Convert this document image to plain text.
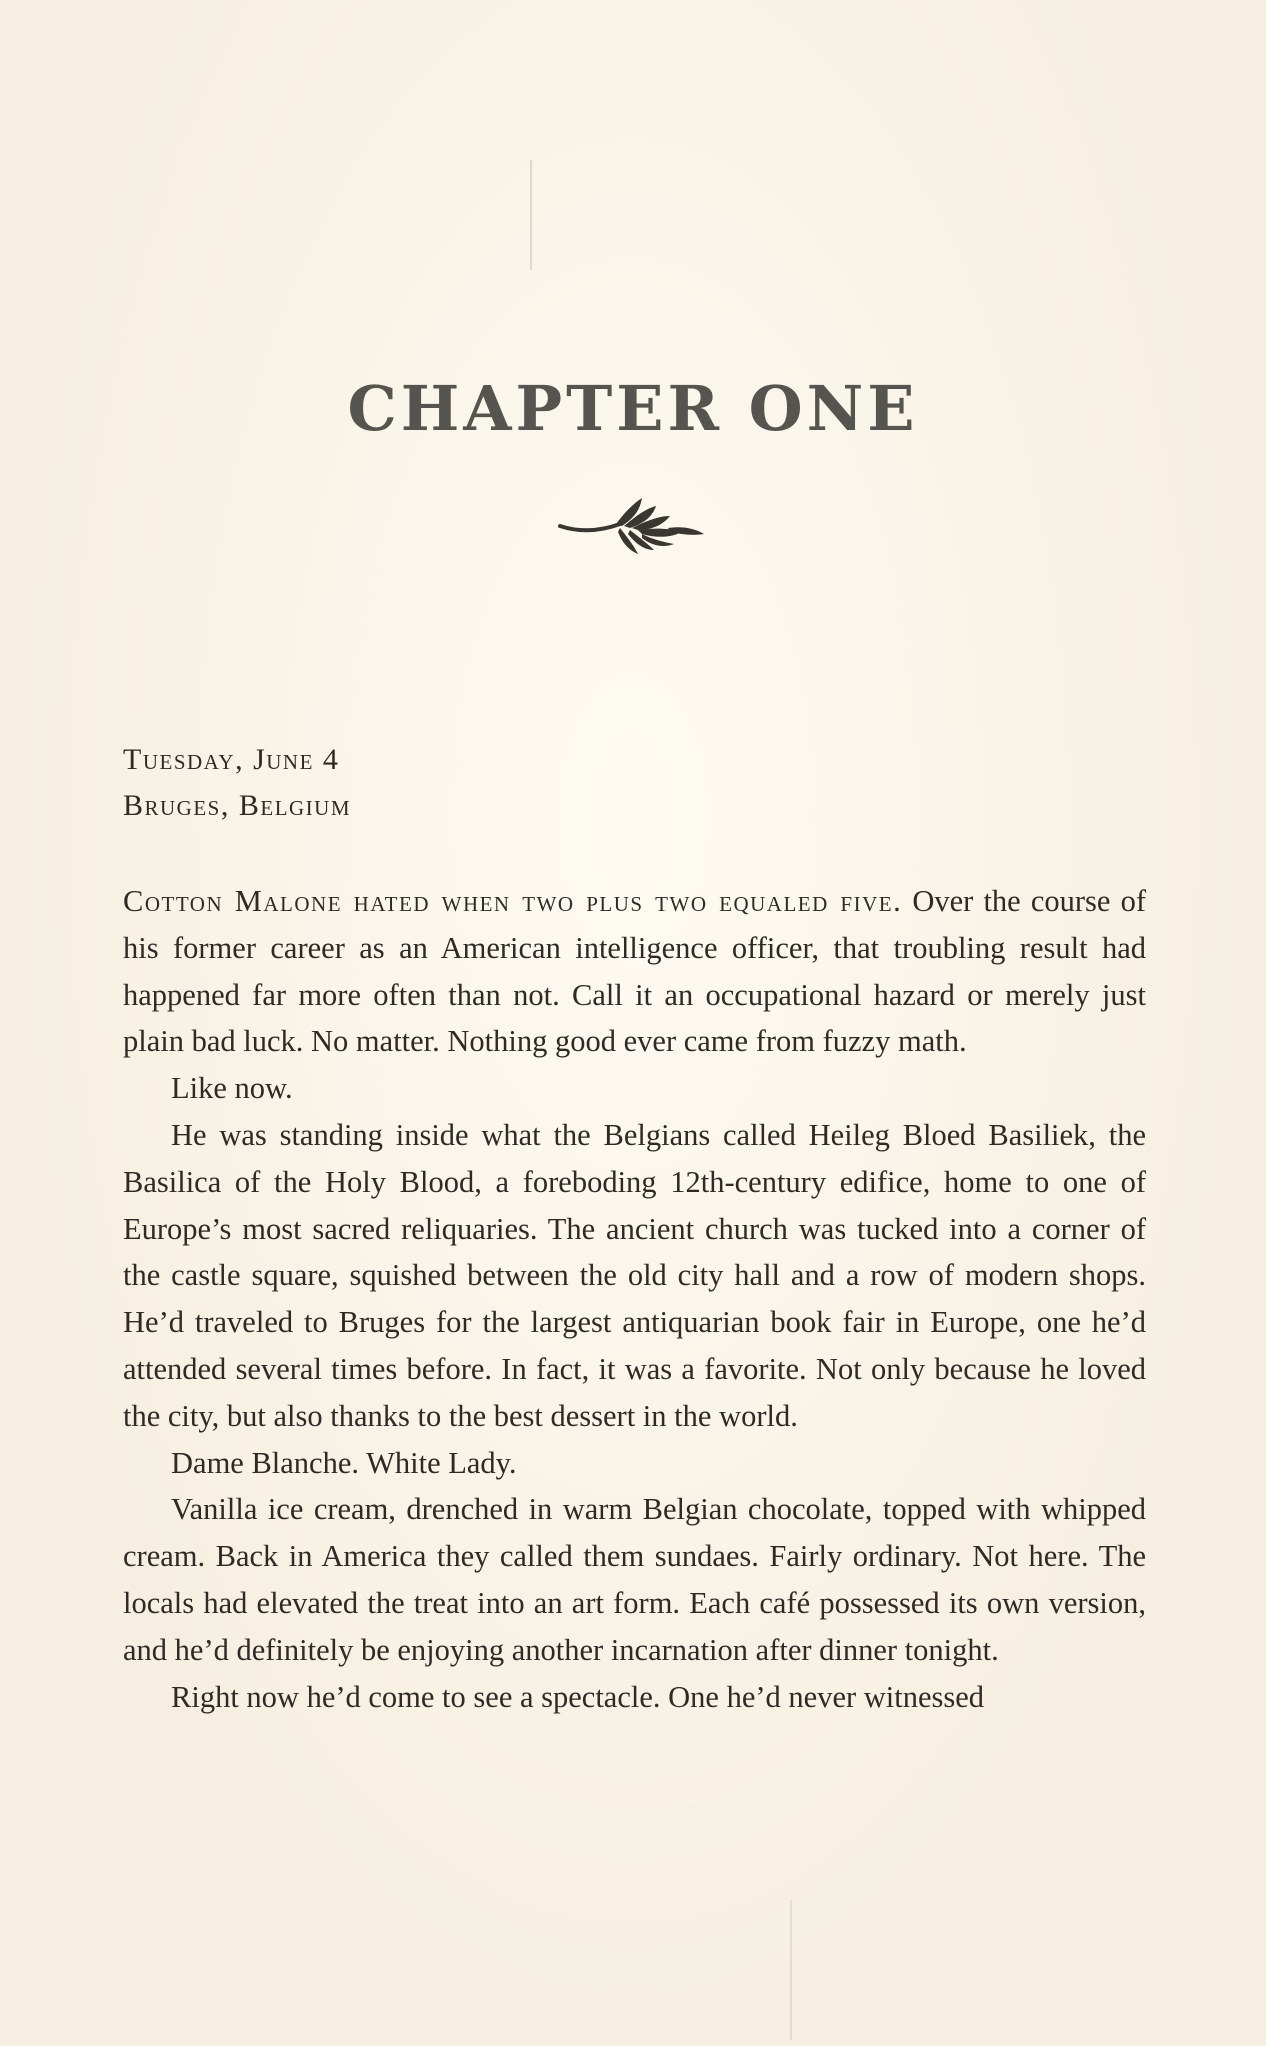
CHAPTER ONE
Tuesday, June 4
Bruges, Belgium

Cotton Malone hated when two plus two equaled five. Over the course of his former career as an American intelligence officer, that troubling result had happened far more often than not. Call it an occupational hazard or merely just plain bad luck. No matter. Nothing good ever came from fuzzy math.

Like now.

He was standing inside what the Belgians called Heileg Bloed Basiliek, the Basilica of the Holy Blood, a foreboding 12th-century edifice, home to one of Europe’s most sacred reliquaries. The ancient church was tucked into a corner of the castle square, squished between the old city hall and a row of modern shops. He’d traveled to Bruges for the largest antiquarian book fair in Europe, one he’d attended several times before. In fact, it was a favorite. Not only because he loved the city, but also thanks to the best dessert in the world.

Dame Blanche. White Lady.

Vanilla ice cream, drenched in warm Belgian chocolate, topped with whipped cream. Back in America they called them sundaes. Fairly ordinary. Not here. The locals had elevated the treat into an art form. Each café possessed its own version, and he’d definitely be enjoying another incarnation after dinner tonight.

Right now he’d come to see a spectacle. One he’d never witnessed
